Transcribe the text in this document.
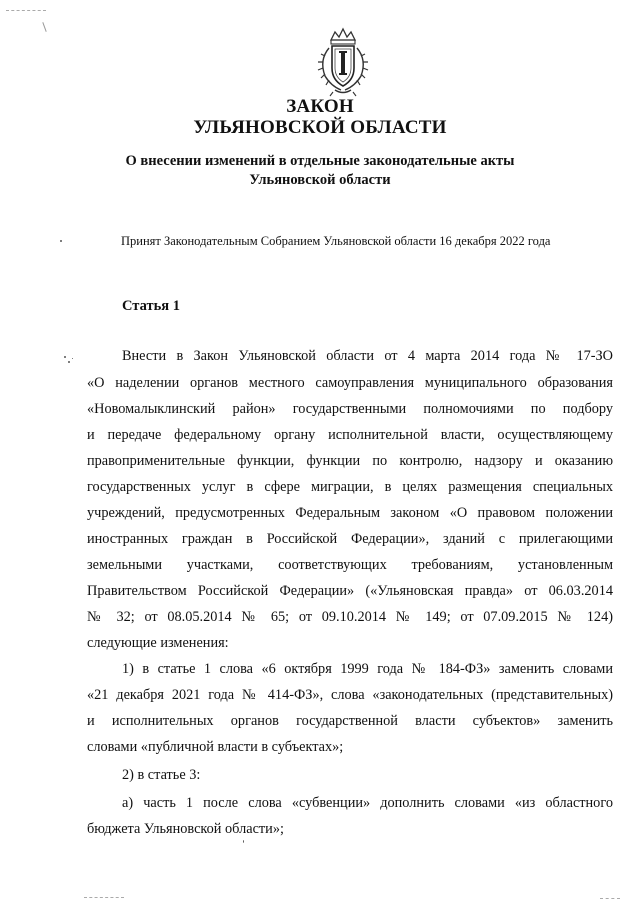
ЗАКОН
УЛЬЯНОВСКОЙ ОБЛАСТИ
О внесении изменений в отдельные законодательные акты
Ульяновской области
Принят Законодательным Собранием Ульяновской области 16 декабря 2022 года
Статья 1
Внести в Закон Ульяновской области от 4 марта 2014 года № 17-ЗО
«О наделении органов местного самоуправления муниципального образования
«Новомалыклинский район» государственными полномочиями по подбору
и передаче федеральному органу исполнительной власти, осуществляющему
правоприменительные функции, функции по контролю, надзору и оказанию
государственных услуг в сфере миграции, в целях размещения специальных
учреждений, предусмотренных Федеральным законом «О правовом положении
иностранных граждан в Российской Федерации», зданий с прилегающими
земельными участками, соответствующих требованиям, установленным
Правительством Российской Федерации» («Ульяновская правда» от 06.03.2014
№ 32; от 08.05.2014 № 65; от 09.10.2014 № 149; от 07.09.2015 № 124)
следующие изменения:
1) в статье 1 слова «6 октября 1999 года № 184-ФЗ» заменить словами
«21 декабря 2021 года № 414-ФЗ», слова «законодательных (представительных)
и исполнительных органов государственной власти субъектов» заменить
словами «публичной власти в субъектах»;
2) в статье 3:
а) часть 1 после слова «субвенции» дополнить словами «из областного
бюджета Ульяновской области»;
